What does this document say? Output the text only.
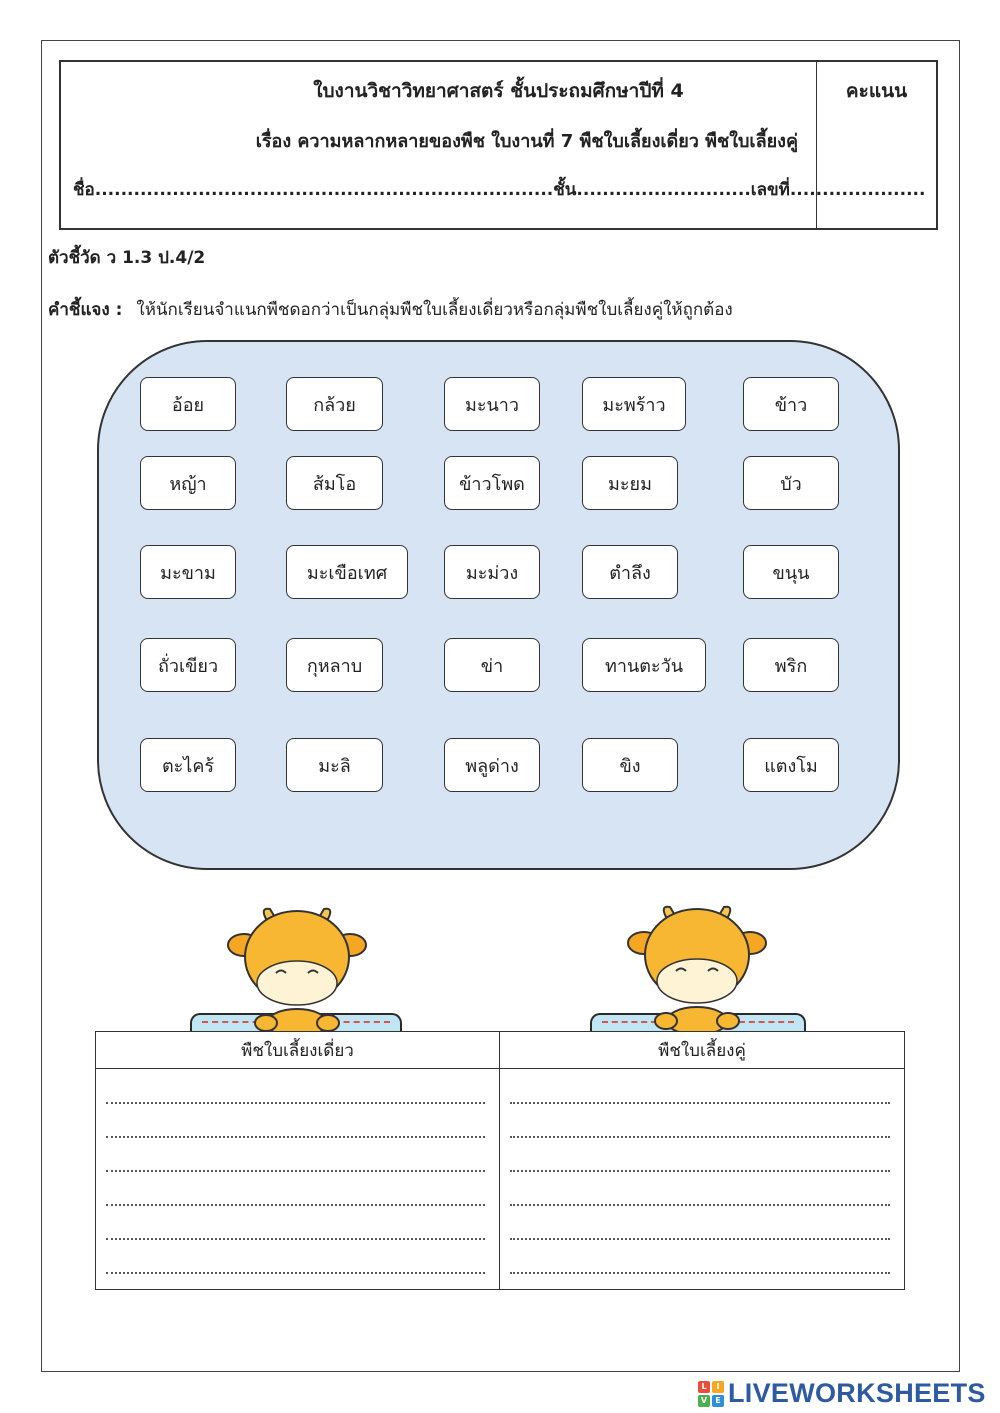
ใบงานวิชาวิทยาศาสตร์ ชั้นประถมศึกษาปีที่ 4
เรื่อง ความหลากหลายของพืช ใบงานที่ 7 พืชใบเลี้ยงเดี่ยว พืชใบเลี้ยงคู่
ชื่อ.......................................................................ชั้น...........................เลขที่.....................
คะแนน
ตัวชี้วัด ว 1.3 ป.4/2
คำชี้แจง : ให้นักเรียนจำแนกพืชดอกว่าเป็นกลุ่มพืชใบเลี้ยงเดี่ยวหรือกลุ่มพืชใบเลี้ยงคู่ให้ถูกต้อง
อ้อย	กล้วย	มะนาว	มะพร้าว	ข้าว
หญ้า	ส้มโอ	ข้าวโพด	มะยม	บัว
มะขาม	มะเขือเทศ	มะม่วง	ตำลึง	ขนุน
ถั่วเขียว	กุหลาบ	ข่า	ทานตะวัน	พริก
ตะไคร้	มะลิ	พลูด่าง	ขิง	แตงโม
พืชใบเลี้ยงเดี่ยว	พืชใบเลี้ยงคู่
L	I
V	E LIVEWORKSHEETS
